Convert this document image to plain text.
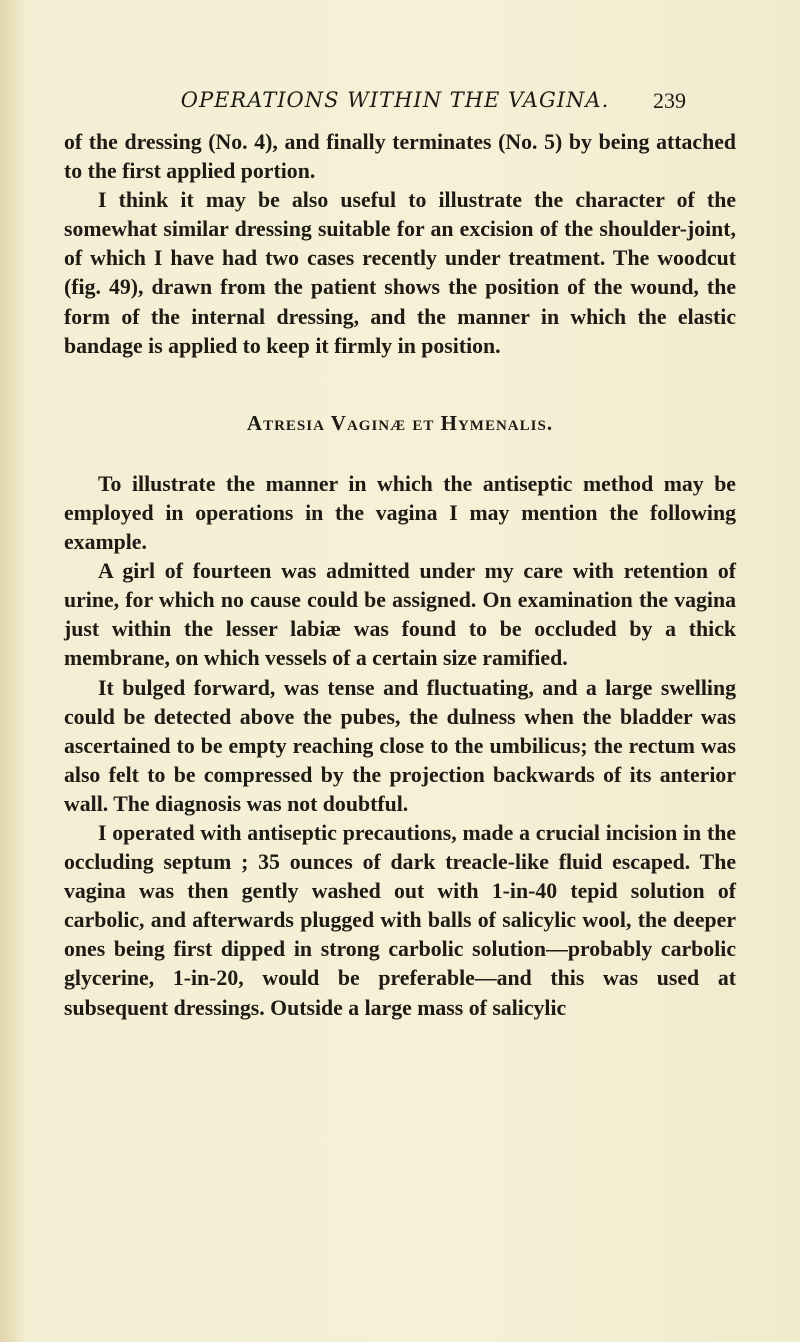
OPERATIONS WITHIN THE VAGINA.	239

of the dressing (No. 4), and finally terminates (No. 5) by being attached to the first applied portion.

I think it may be also useful to illustrate the character of the somewhat similar dressing suitable for an excision of the shoulder-joint, of which I have had two cases recently under treatment. The woodcut (fig. 49), drawn from the patient shows the position of the wound, the form of the internal dressing, and the manner in which the elastic bandage is applied to keep it firmly in position.

Atresia Vaginæ et Hymenalis.

To illustrate the manner in which the antiseptic method may be employed in operations in the vagina I may mention the following example.

A girl of fourteen was admitted under my care with retention of urine, for which no cause could be assigned. On examination the vagina just within the lesser labiæ was found to be occluded by a thick membrane, on which vessels of a certain size ramified.

It bulged forward, was tense and fluctuating, and a large swelling could be detected above the pubes, the dulness when the bladder was ascertained to be empty reaching close to the umbilicus; the rectum was also felt to be compressed by the projection backwards of its anterior wall. The diagnosis was not doubtful.

I operated with antiseptic precautions, made a crucial incision in the occluding septum ; 35 ounces of dark treacle-like fluid escaped. The vagina was then gently washed out with 1-in-40 tepid solution of carbolic, and afterwards plugged with balls of salicylic wool, the deeper ones being first dipped in strong carbolic solution—probably carbolic glycerine, 1-in-20, would be preferable—and this was used at subsequent dressings. Outside a large mass of salicylic
